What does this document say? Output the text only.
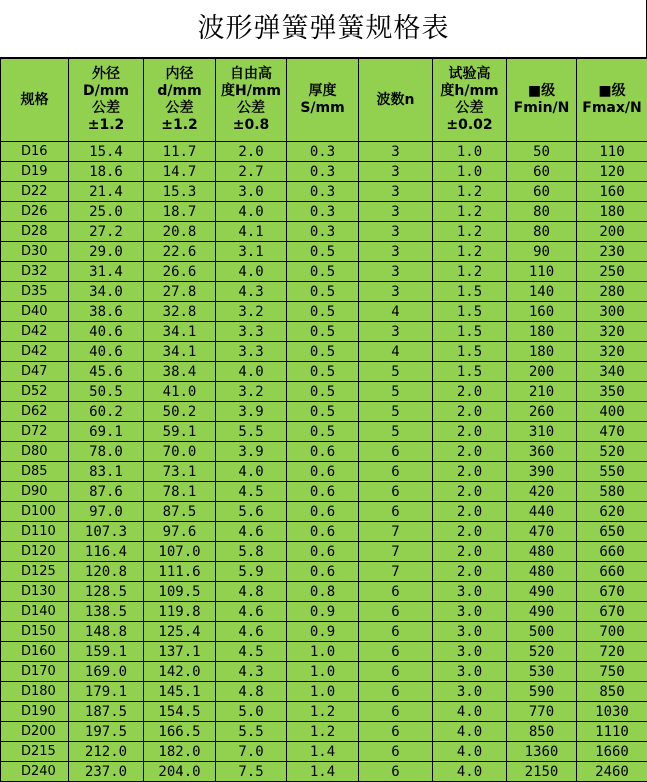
波形弹簧弹簧规格表
规格	外径
D/mm
公差
±1.2	内径
d/mm
公差
±1.2	自由高
度H/mm
公差
±0.8	厚度
S/mm	波数n	试验高
度h/mm
公差
±0.02	■级
Fmin/N	■级
Fmax/N
D16	15.4	11.7	2.0	0.3	3	1.0	50	110
D19	18.6	14.7	2.7	0.3	3	1.0	60	120
D22	21.4	15.3	3.0	0.3	3	1.2	60	160
D26	25.0	18.7	4.0	0.3	3	1.2	80	180
D28	27.2	20.8	4.1	0.3	3	1.2	80	200
D30	29.0	22.6	3.1	0.5	3	1.2	90	230
D32	31.4	26.6	4.0	0.5	3	1.2	110	250
D35	34.0	27.8	4.3	0.5	3	1.5	140	280
D40	38.6	32.8	3.2	0.5	4	1.5	160	300
D42	40.6	34.1	3.3	0.5	3	1.5	180	320
D42	40.6	34.1	3.3	0.5	4	1.5	180	320
D47	45.6	38.4	4.0	0.5	5	1.5	200	340
D52	50.5	41.0	3.2	0.5	5	2.0	210	350
D62	60.2	50.2	3.9	0.5	5	2.0	260	400
D72	69.1	59.1	5.5	0.5	5	2.0	310	470
D80	78.0	70.0	3.9	0.6	6	2.0	360	520
D85	83.1	73.1	4.0	0.6	6	2.0	390	550
D90	87.6	78.1	4.5	0.6	6	2.0	420	580
D100	97.0	87.5	5.6	0.6	6	2.0	440	620
D110	107.3	97.6	4.6	0.6	7	2.0	470	650
D120	116.4	107.0	5.8	0.6	7	2.0	480	660
D125	120.8	111.6	5.9	0.6	7	2.0	480	660
D130	128.5	109.5	4.8	0.8	6	3.0	490	670
D140	138.5	119.8	4.6	0.9	6	3.0	490	670
D150	148.8	125.4	4.6	0.9	6	3.0	500	700
D160	159.1	137.1	4.5	1.0	6	3.0	520	720
D170	169.0	142.0	4.3	1.0	6	3.0	530	750
D180	179.1	145.1	4.8	1.0	6	3.0	590	850
D190	187.5	154.5	5.0	1.2	6	4.0	770	1030
D200	197.5	166.5	5.5	1.2	6	4.0	850	1110
D215	212.0	182.0	7.0	1.4	6	4.0	1360	1660
D240	237.0	204.0	7.5	1.4	6	4.0	2150	2460
